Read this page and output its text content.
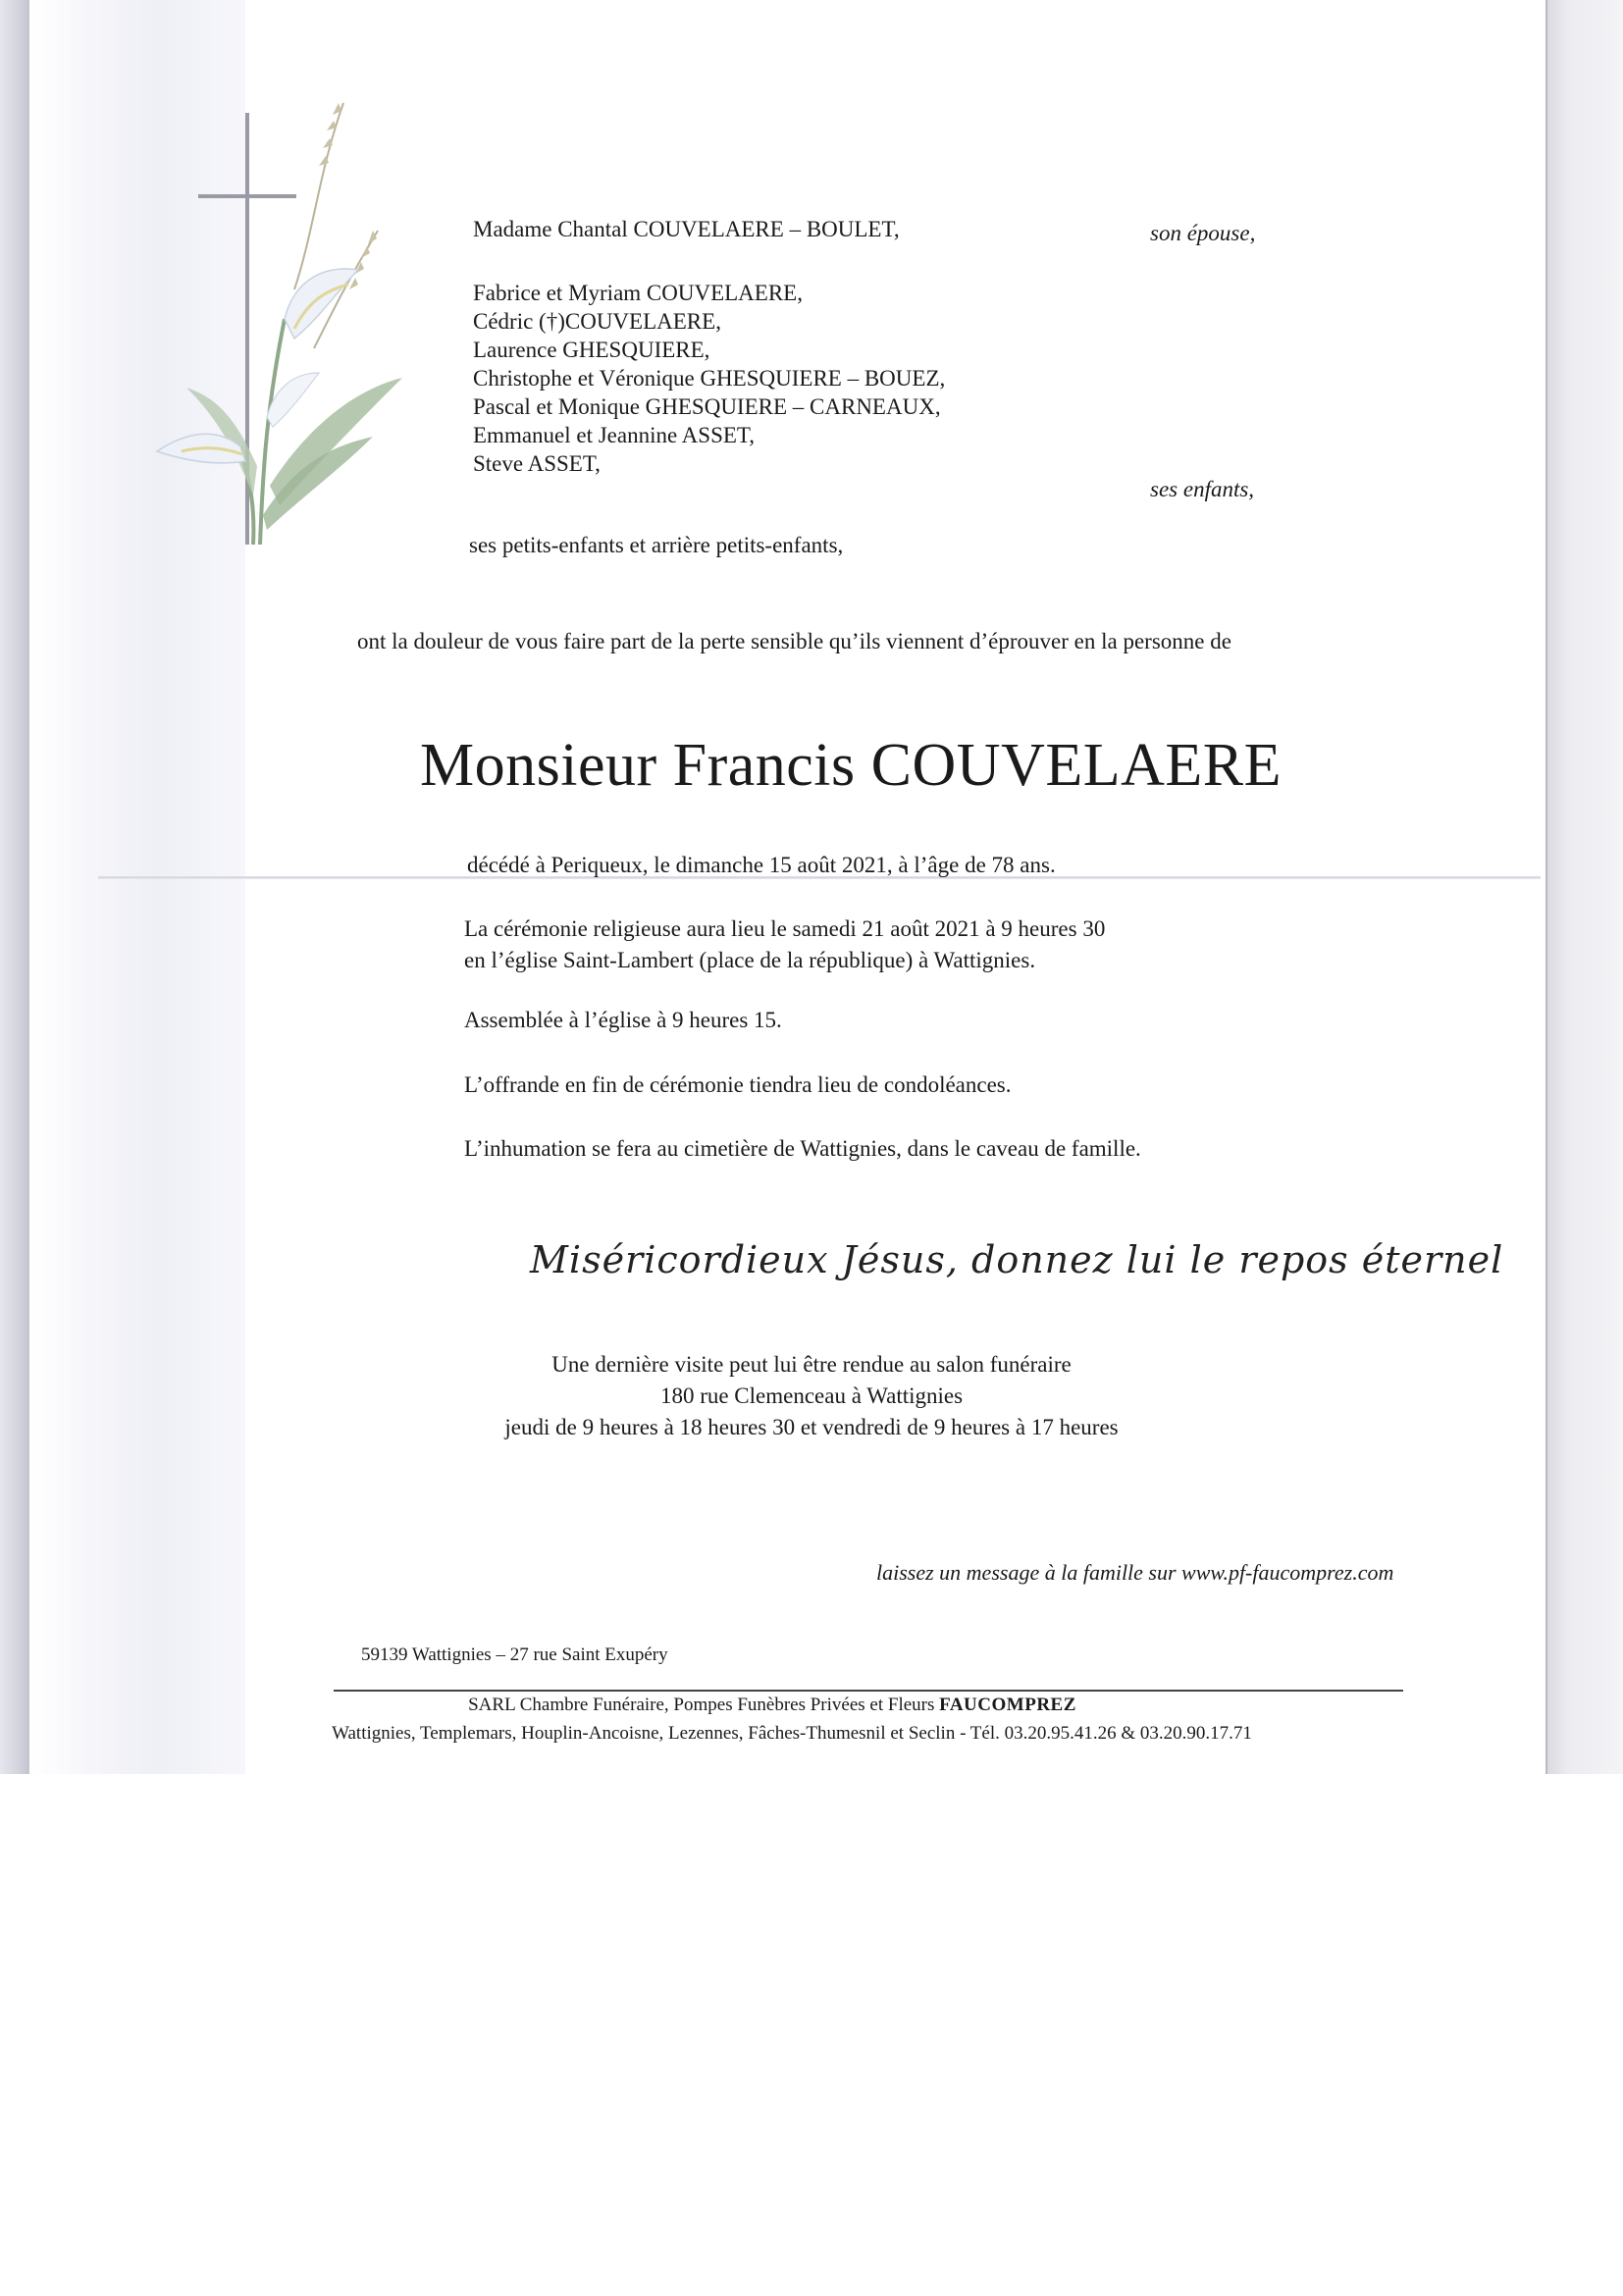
Madame Chantal COUVELAERE – BOULET,	son épouse,
Fabrice et Myriam COUVELAERE,
Cédric (†)COUVELAERE,
Laurence GHESQUIERE,
Christophe et Véronique GHESQUIERE – BOUEZ,
Pascal et Monique GHESQUIERE – CARNEAUX,
Emmanuel et Jeannine ASSET,
Steve ASSET,
ses enfants,
ses petits-enfants et arrière petits-enfants,
ont la douleur de vous faire part de la perte sensible qu’ils viennent d’éprouver en la personne de
Monsieur Francis COUVELAERE
décédé à Periqueux, le dimanche 15 août 2021, à l’âge de 78 ans.
La cérémonie religieuse aura lieu le samedi 21 août 2021 à 9 heures 30
en l’église Saint-Lambert (place de la république) à Wattignies.
Assemblée à l’église à 9 heures 15.
L’offrande en fin de cérémonie tiendra lieu de condoléances.
L’inhumation se fera au cimetière de Wattignies, dans le caveau de famille.
Miséricordieux Jésus, donnez lui le repos éternel
Une dernière visite peut lui être rendue au salon funéraire
180 rue Clemenceau à Wattignies
jeudi de 9 heures à 18 heures 30 et vendredi de 9 heures à 17 heures
laissez un message à la famille sur www.pf-faucomprez.com
59139 Wattignies – 27 rue Saint Exupéry
SARL Chambre Funéraire, Pompes Funèbres Privées et Fleurs FAUCOMPREZ
Wattignies, Templemars, Houplin-Ancoisne, Lezennes, Fâches-Thumesnil et Seclin - Tél. 03.20.95.41.26 & 03.20.90.17.71
